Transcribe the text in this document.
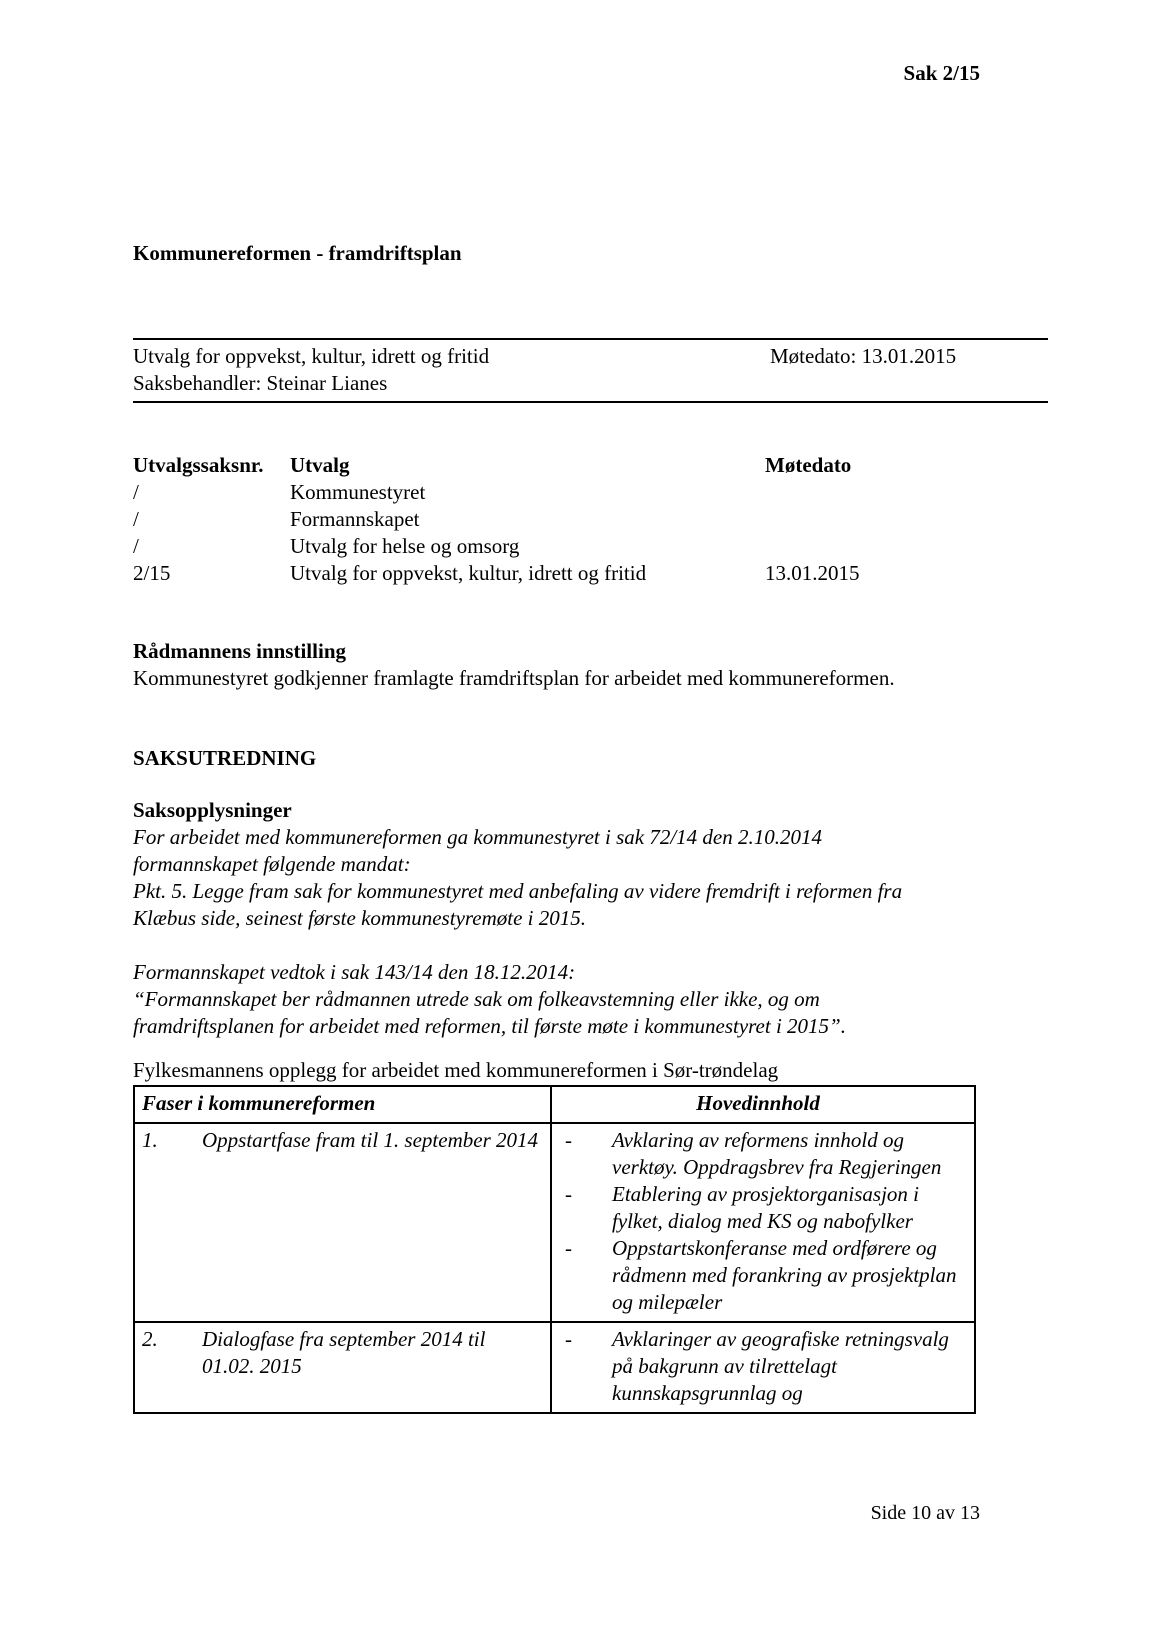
Sak 2/15
Kommunereformen - framdriftsplan
Utvalg for oppvekst, kultur, idrett og fritid	Møtedato: 13.01.2015
Saksbehandler: Steinar Lianes
Utvalgssaksnr.	Utvalg	Møtedato
/	Kommunestyret
/	Formannskapet
/	Utvalg for helse og omsorg
2/15	Utvalg for oppvekst, kultur, idrett og fritid	13.01.2015
Rådmannens innstilling
Kommunestyret godkjenner framlagte framdriftsplan for arbeidet med kommunereformen.
SAKSUTREDNING
Saksopplysninger
For arbeidet med kommunereformen ga kommunestyret i sak 72/14 den 2.10.2014 formannskapet følgende mandat:
Pkt. 5. Legge fram sak for kommunestyret med anbefaling av videre fremdrift i reformen fra Klæbus side, seinest første kommunestyremøte i 2015.
Formannskapet vedtok i sak 143/14 den 18.12.2014:
“Formannskapet ber rådmannen utrede sak om folkeavstemning eller ikke, og om framdriftsplanen for arbeidet med reformen, til første møte i kommunestyret i 2015”.
Fylkesmannens opplegg for arbeidet med kommunereformen i Sør-trøndelag
Faser i kommunereformen	Hovedinnhold
1.	Oppstartfase fram til 1. september 2014	-	Avklaring av reformens innhold og verktøy. Oppdragsbrev fra Regjeringen
-	Etablering av prosjektorganisasjon i fylket, dialog med KS og nabofylker
-	Oppstartskonferanse med ordførere og rådmenn med forankring av prosjektplan og milepæler
2.	Dialogfase fra september 2014 til 01.02. 2015
-	Avklaringer av geografiske retningsvalg på bakgrunn av tilrettelagt kunnskapsgrunnlag og
Side 10 av 13
